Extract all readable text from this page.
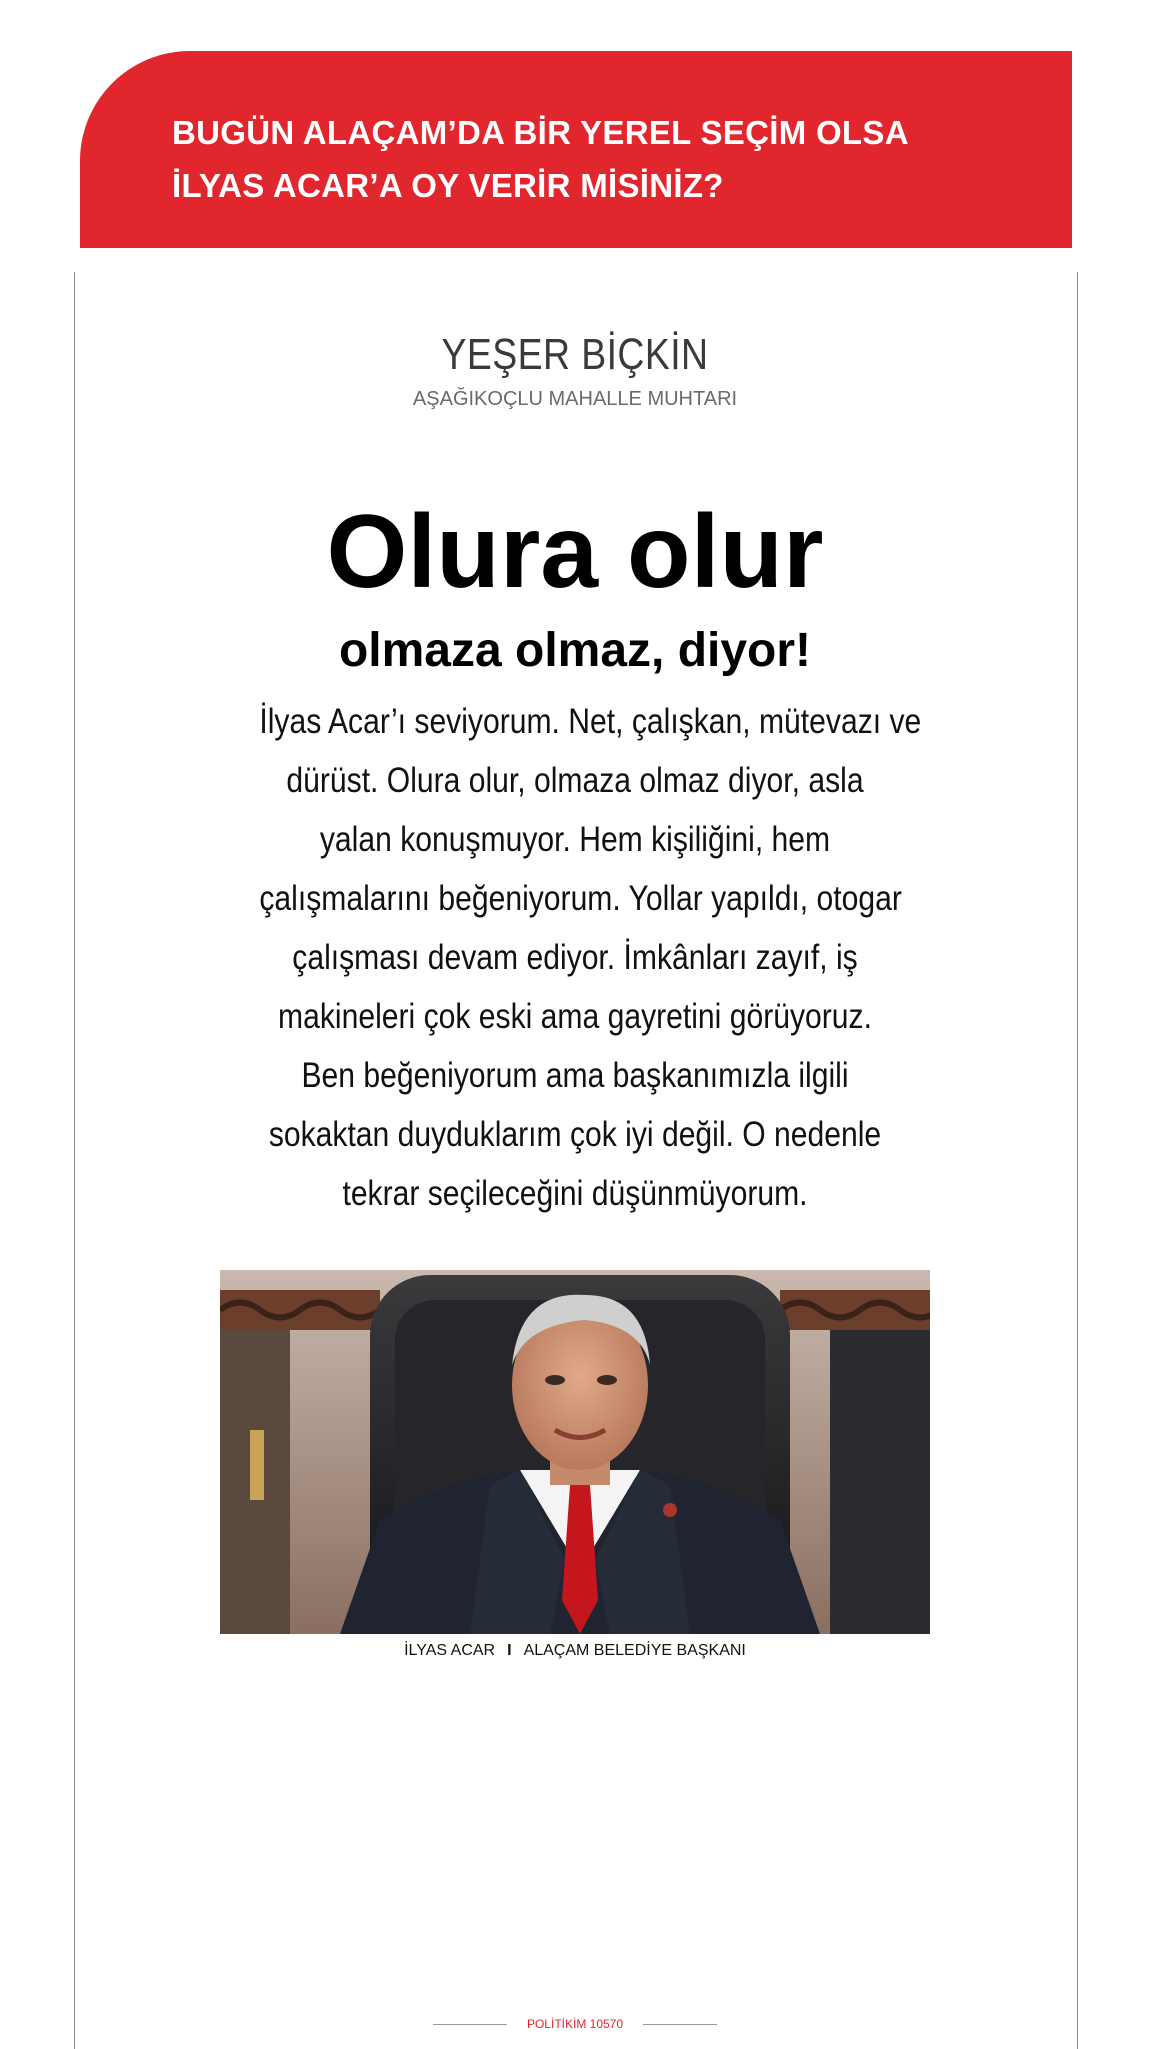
BUGÜN ALAÇAM’DA BİR YEREL SEÇİM OLSA
İLYAS ACAR’A OY VERİR MİSİNİZ?

YEŞER BİÇKİN

AŞAĞIKOÇLU MAHALLE MUHTARI

Olura olur
olmaza olmaz, diyor!
İlyas Acar’ı seviyorum. Net, çalışkan, mütevazı ve
dürüst. Olura olur, olmaza olmaz diyor, asla
yalan konuşmuyor. Hem kişiliğini, hem
çalışmalarını beğeniyorum. Yollar yapıldı, otogar
çalışması devam ediyor. İmkânları zayıf, iş
makineleri çok eski ama gayretini görüyoruz.
Ben beğeniyorum ama başkanımızla ilgili
sokaktan duyduklarım çok iyi değil. O nedenle
tekrar seçileceğini düşünmüyorum.

İLYAS ACAR I ALAÇAM BELEDİYE BAŞKANI

POLİTİKİM 10570
